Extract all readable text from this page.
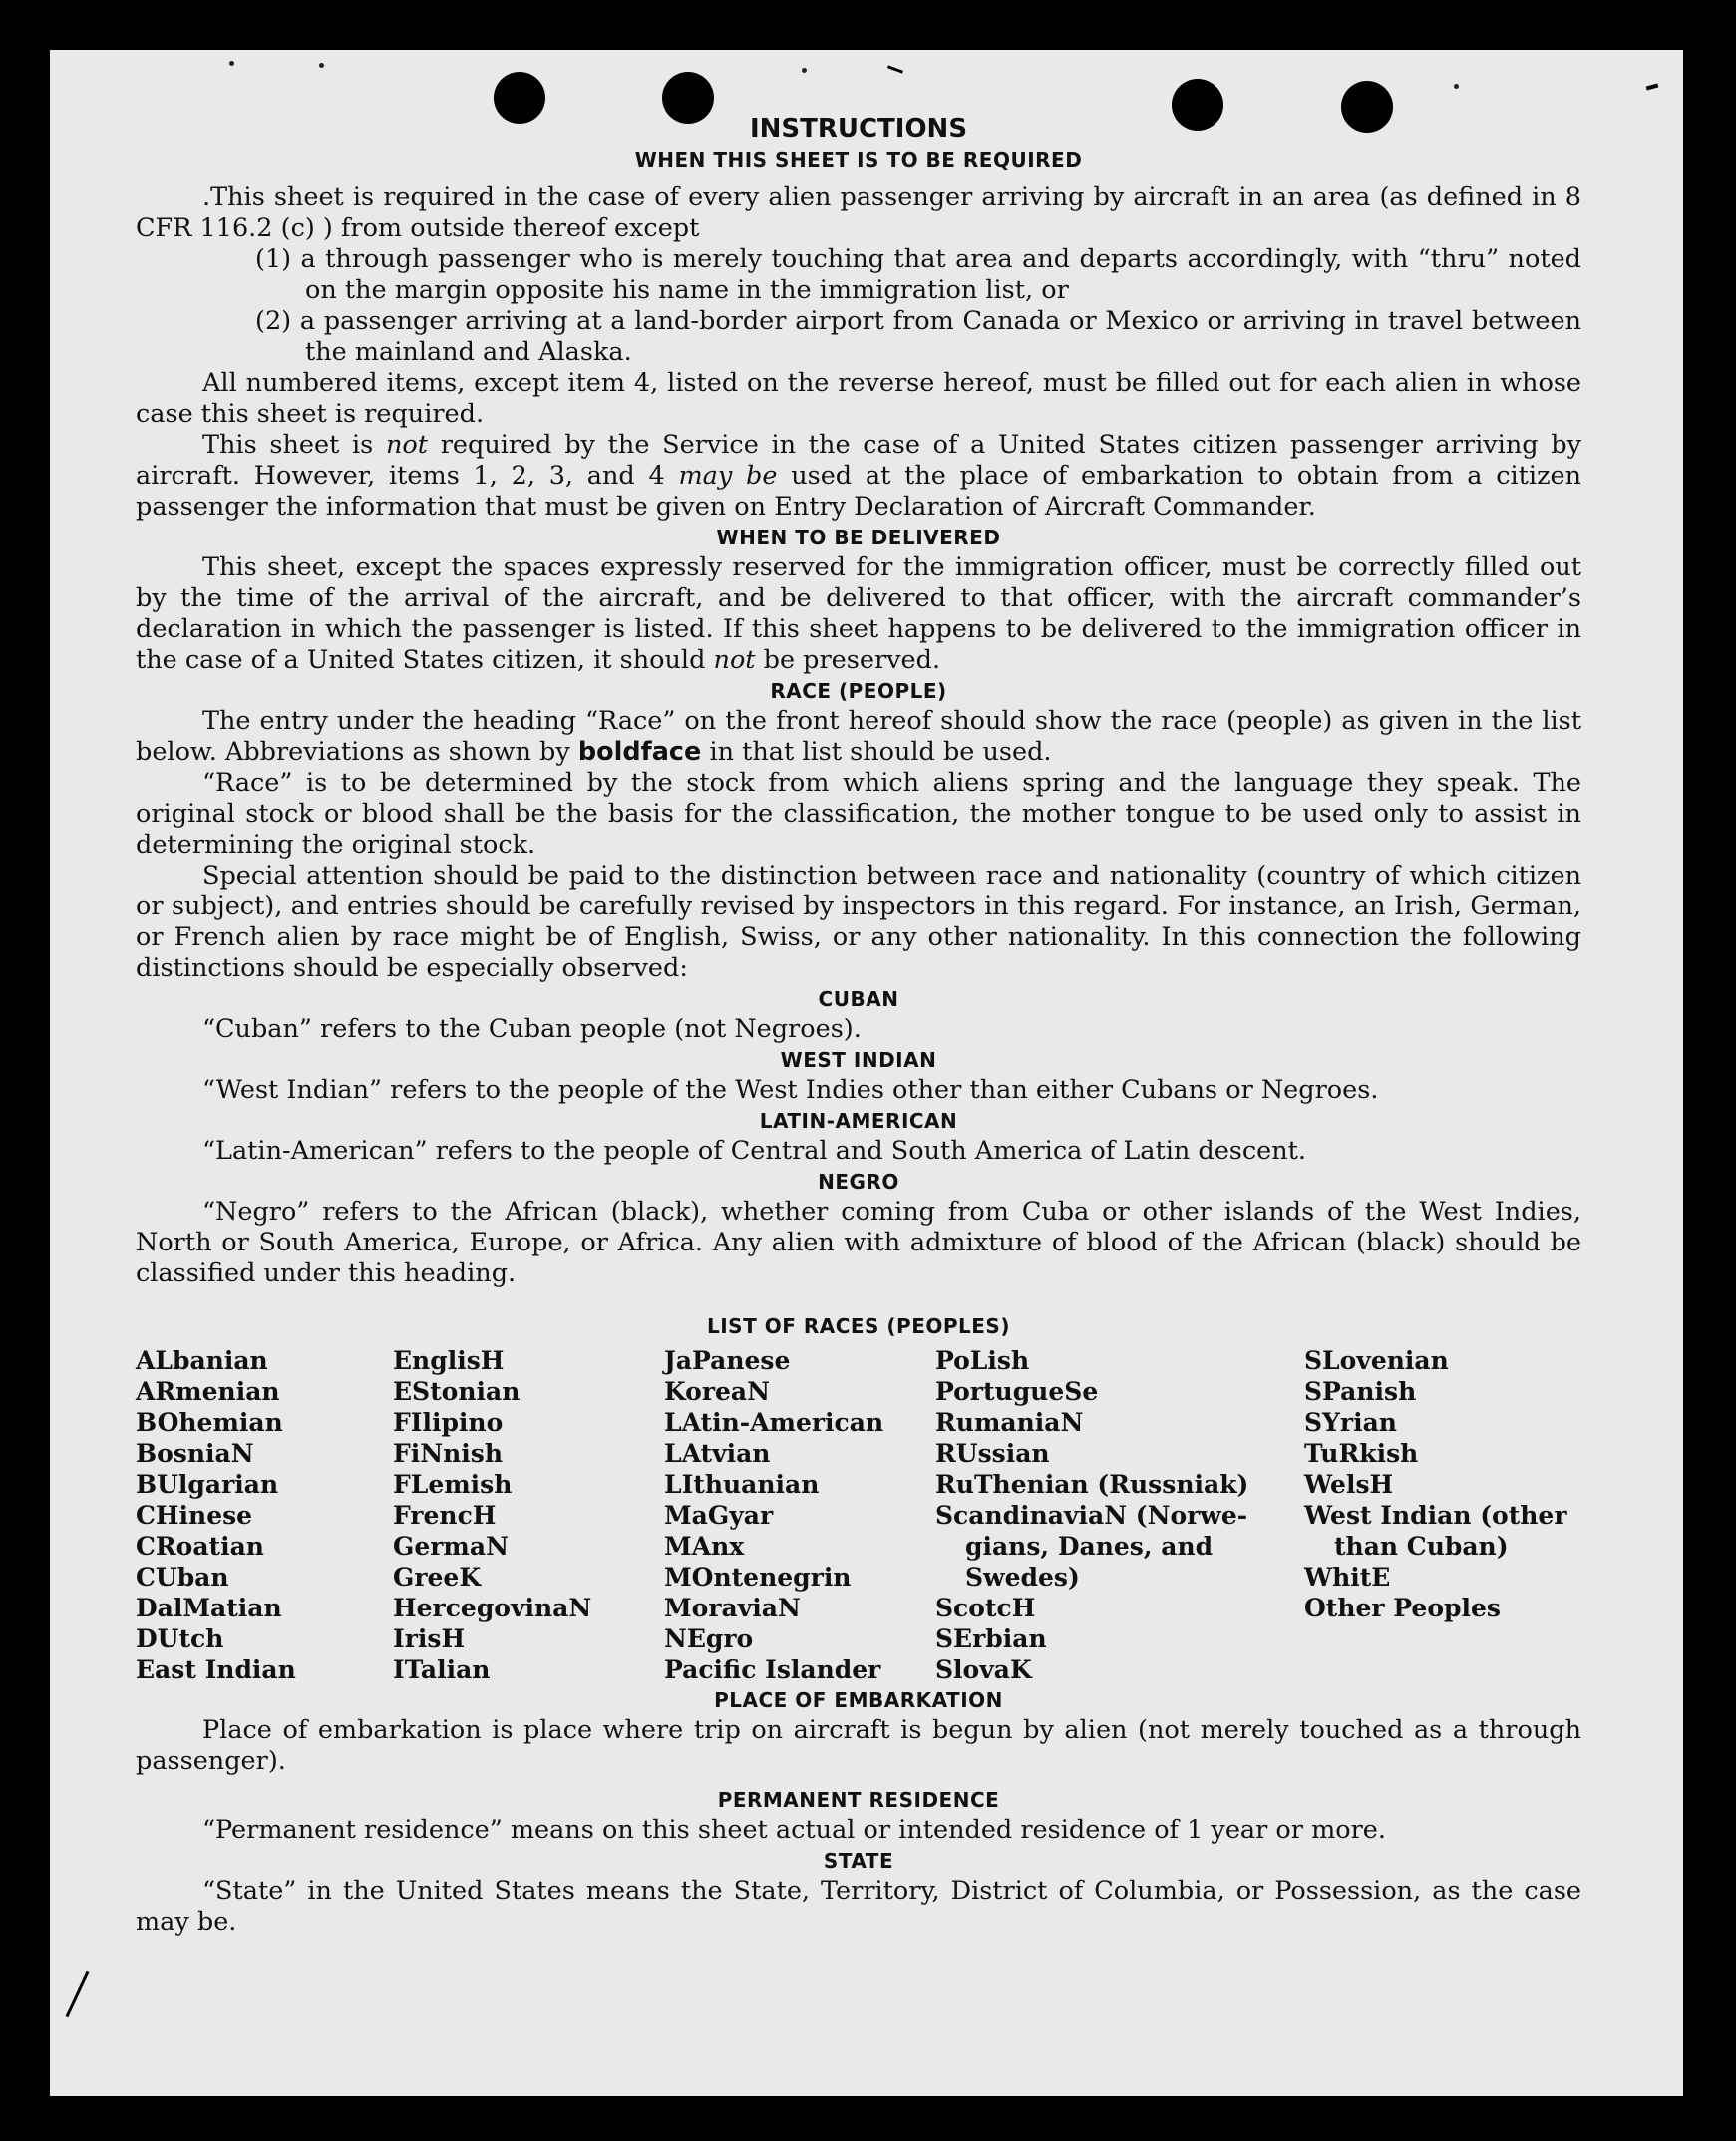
INSTRUCTIONS
WHEN THIS SHEET IS TO BE REQUIRED

.This sheet is required in the case of every alien passenger arriving by aircraft in an area (as defined in 8 CFR 116.2 (c) ) from outside thereof except

(1) a through passenger who is merely touching that area and departs accordingly, with “thru” noted on the margin opposite his name in the immigration list, or
(2) a passenger arriving at a land-border airport from Canada or Mexico or arriving in travel between the mainland and Alaska.

All numbered items, except item 4, listed on the reverse hereof, must be filled out for each alien in whose case this sheet is required.

This sheet is not required by the Service in the case of a United States citizen passenger arriving by aircraft. However, items 1, 2, 3, and 4 may be used at the place of embarkation to obtain from a citizen passenger the information that must be given on Entry Declaration of Aircraft Commander.

WHEN TO BE DELIVERED

This sheet, except the spaces expressly reserved for the immigration officer, must be correctly filled out by the time of the arrival of the aircraft, and be delivered to that officer, with the aircraft commander’s declaration in which the passenger is listed. If this sheet happens to be delivered to the immigration officer in the case of a United States citizen, it should not be preserved.

RACE (PEOPLE)

The entry under the heading “Race” on the front hereof should show the race (people) as given in the list below. Abbreviations as shown by boldface in that list should be used.

“Race” is to be determined by the stock from which aliens spring and the language they speak. The original stock or blood shall be the basis for the classification, the mother tongue to be used only to assist in determining the original stock.

Special attention should be paid to the distinction between race and nationality (country of which citizen or subject), and entries should be carefully revised by inspectors in this regard. For instance, an Irish, German, or French alien by race might be of English, Swiss, or any other nationality. In this connection the following distinctions should be especially observed:

CUBAN

“Cuban” refers to the Cuban people (not Negroes).

WEST INDIAN

“West Indian” refers to the people of the West Indies other than either Cubans or Negroes.

LATIN-AMERICAN

“Latin-American” refers to the people of Central and South America of Latin descent.

NEGRO

“Negro” refers to the African (black), whether coming from Cuba or other islands of the West Indies, North or South America, Europe, or Africa. Any alien with admixture of blood of the African (black) should be classified under this heading.

LIST OF RACES (PEOPLES)
ALbanian
ARmenian
BOhemian
BosniaN
BUlgarian
CHinese
CRoatian
CUban
DalMatian
DUtch
East Indian
EnglisH
EStonian
FIlipino
FiNnish
FLemish
FrencH
GermaN
GreeK
HercegovinaN
IrisH
ITalian
JaPanese
KoreaN
LAtin-American
LAtvian
LIthuanian
MaGyar
MAnx
MOntenegrin
MoraviaN
NEgro
Pacific Islander
PoLish
PortugueSe
RumaniaN
RUssian
RuThenian (Russniak)
ScandinaviaN (Norwe-
gians, Danes, and
Swedes)
ScotcH
SErbian
SlovaK
SLovenian
SPanish
SYrian
TuRkish
WelsH
West Indian (other
than Cuban)
WhitE
Other Peoples
PLACE OF EMBARKATION

Place of embarkation is place where trip on aircraft is begun by alien (not merely touched as a through passenger).

PERMANENT RESIDENCE

“Permanent residence” means on this sheet actual or intended residence of 1 year or more.

STATE

“State” in the United States means the State, Territory, District of Columbia, or Possession, as the case may be.
